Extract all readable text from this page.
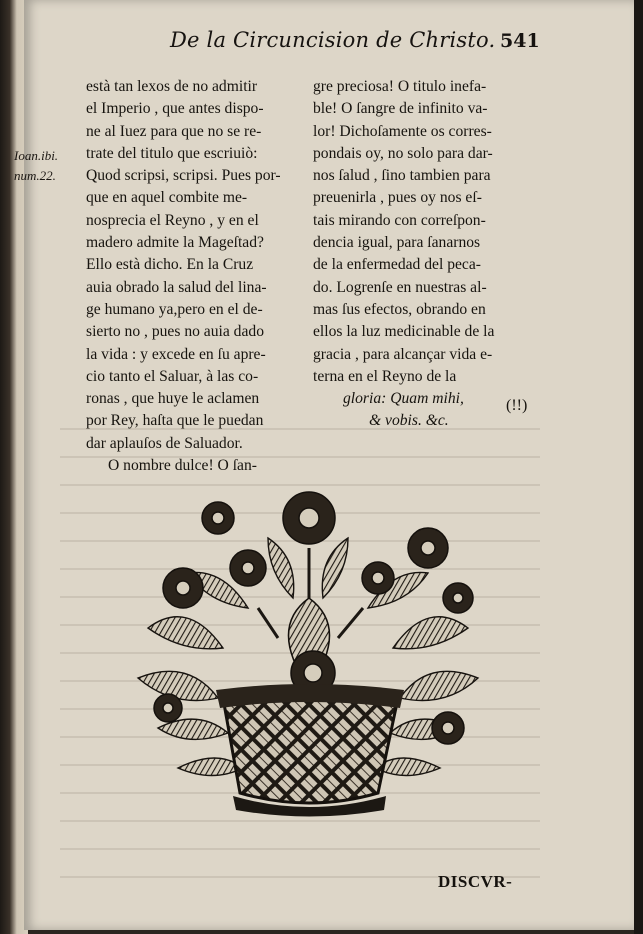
De la Circuncision de Christo. 541
Ioan.ibi.
num.22.
està tan lexos de no admitir
el Imperio , que antes dispo-
ne al Iuez para que no se re-
trate del titulo que escriuiò:
Quod scripsi, scripsi. Pues por-
que en aquel combite me-
nosprecia el Reyno , y en el
madero admite la Mageſtad?
Ello està dicho. En la Cruz
auia obrado la salud del lina-
ge humano ya,pero en el de-
sierto no , pues no auia dado
la vida : y excede en ſu apre-
cio tanto el Saluar, à las co-
ronas , que huye le aclamen
por Rey, haſta que le puedan
dar aplauſos de Saluador.
O nombre dulce! O ſan-
gre preciosa! O titulo inefa-
ble! O ſangre de infinito va-
lor! Dichoſamente os corres-
pondais oy, no solo para dar-
nos ſalud , ſino tambien para
preuenirla , pues oy nos eſ-
tais mirando con correſpon-
dencia igual, para ſanarnos
de la enfermedad del peca-
do. Logrenſe en nuestras al-
mas ſus efectos, obrando en
ellos la luz medicinable de la
gracia , para alcançar vida e-
terna en el Reyno de la
gloria: Quam mihi,
& vobis. &c.
(!!)
DISCVR-
